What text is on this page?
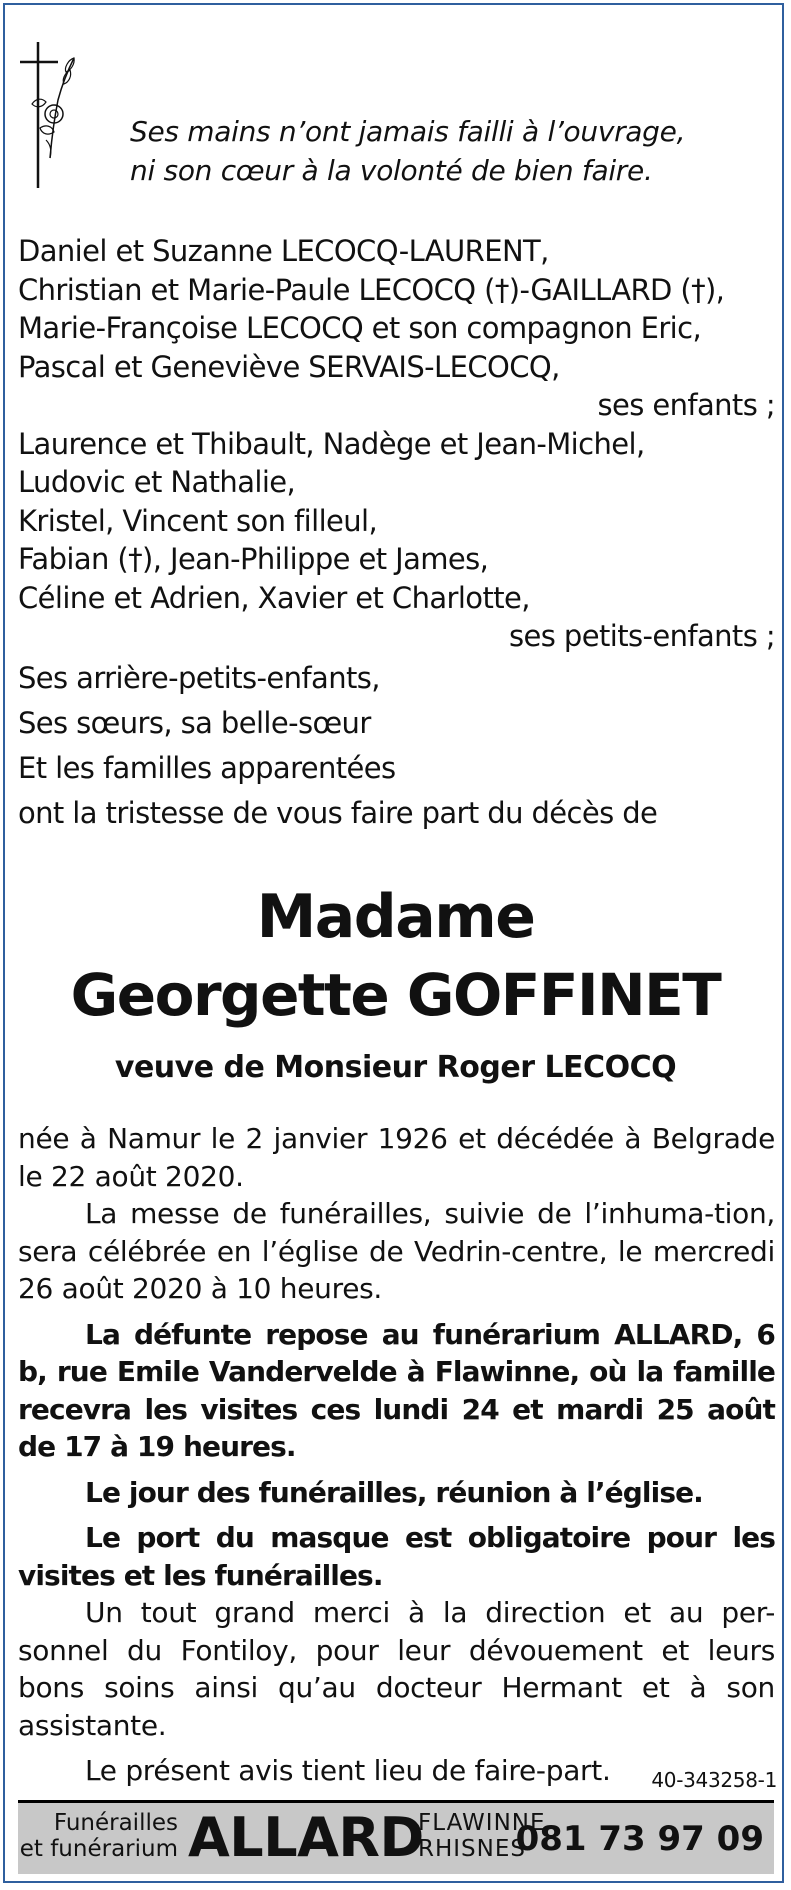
Ses mains n’ont jamais failli à l’ouvrage,
ni son cœur à la volonté de bien faire.
Daniel et Suzanne LECOCQ-LAURENT,
Christian et Marie-Paule LECOCQ (†)-GAILLARD (†),
Marie-Françoise LECOCQ et son compagnon Eric,
Pascal et Geneviève SERVAIS-LECOCQ,
ses enfants ;
Laurence et Thibault, Nadège et Jean-Michel,
Ludovic et Nathalie,
Kristel, Vincent son filleul,
Fabian (†), Jean-Philippe et James,
Céline et Adrien, Xavier et Charlotte,
ses petits-enfants ;
Ses arrière-petits-enfants,
Ses sœurs, sa belle-sœur
Et les familles apparentées
ont la tristesse de vous faire part du décès de
Madame
Georgette GOFFINET
veuve de Monsieur Roger LECOCQ
née à Namur le 2 janvier 1926 et décédée à Belgrade le 22 août 2020.
La messe de funérailles, suivie de l’inhuma-tion, sera célébrée en l’église de Vedrin-centre, le mercredi 26 août 2020 à 10 heures.
La défunte repose au funérarium ALLARD, 6 b, rue Emile Vandervelde à Flawinne, où la famille recevra les visites ces lundi 24 et mardi 25 août de 17 à 19 heures.
Le jour des funérailles, réunion à l’église.
Le port du masque est obligatoire pour les visites et les funérailles.
Un tout grand merci à la direction et au per-sonnel du Fontiloy, pour leur dévouement et leurs bons soins ainsi qu’au docteur Hermant et à son assistante.
Le présent avis tient lieu de faire-part.	40-343258-1
Funérailles
et funérarium ALLARD
FLAWINNE
RHISNES
081 73 97 09
